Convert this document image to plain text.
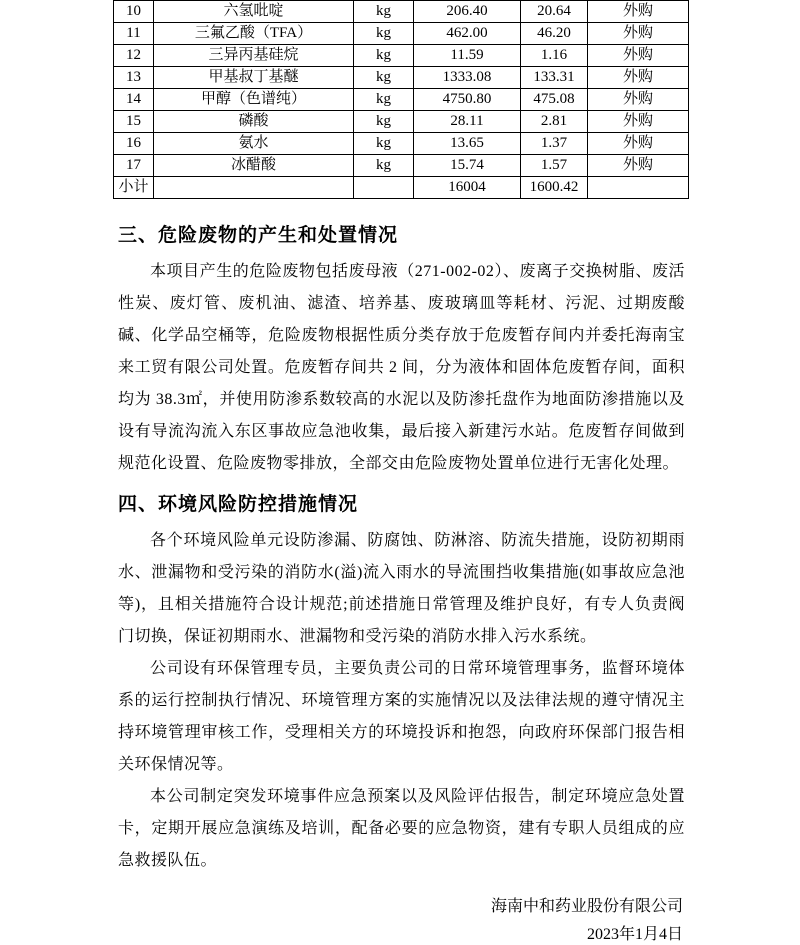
10	六氢吡啶	kg	206.40	20.64	外购
11	三氟乙酸（TFA）	kg	462.00	46.20	外购
12	三异丙基硅烷	kg	11.59	1.16	外购
13	甲基叔丁基醚	kg	1333.08	133.31	外购
14	甲醇（色谱纯）	kg	4750.80	475.08	外购
15	磷酸	kg	28.11	2.81	外购
16	氨水	kg	13.65	1.37	外购
17	冰醋酸	kg	15.74	1.57	外购
小计			16004	1600.42	
三、危险废物的产生和处置情况

本项目产生的危险废物包括废母液（271-002-02）、废离子交换树脂、废活性炭、废灯管、废机油、滤渣、培养基、废玻璃皿等耗材、污泥、过期废酸碱、化学品空桶等，危险废物根据性质分类存放于危废暂存间内并委托海南宝来工贸有限公司处置。危废暂存间共 2 间，分为液体和固体危废暂存间，面积均为 38.3㎡，并使用防渗系数较高的水泥以及防渗托盘作为地面防渗措施以及设有导流沟流入东区事故应急池收集，最后接入新建污水站。危废暂存间做到规范化设置、危险废物零排放，全部交由危险废物处置单位进行无害化处理。

四、环境风险防控措施情况

各个环境风险单元设防渗漏、防腐蚀、防淋溶、防流失措施，设防初期雨水、泄漏物和受污染的消防水(溢)流入雨水的导流围挡收集措施(如事故应急池等)，且相关措施符合设计规范;前述措施日常管理及维护良好，有专人负责阀门切换，保证初期雨水、泄漏物和受污染的消防水排入污水系统。

公司设有环保管理专员，主要负责公司的日常环境管理事务，监督环境体系的运行控制执行情况、环境管理方案的实施情况以及法律法规的遵守情况主持环境管理审核工作，受理相关方的环境投诉和抱怨，向政府环保部门报告相关环保情况等。

本公司制定突发环境事件应急预案以及风险评估报告，制定环境应急处置卡，定期开展应急演练及培训，配备必要的应急物资，建有专职人员组成的应急救援队伍。

海南中和药业股份有限公司
2023年1月4日
